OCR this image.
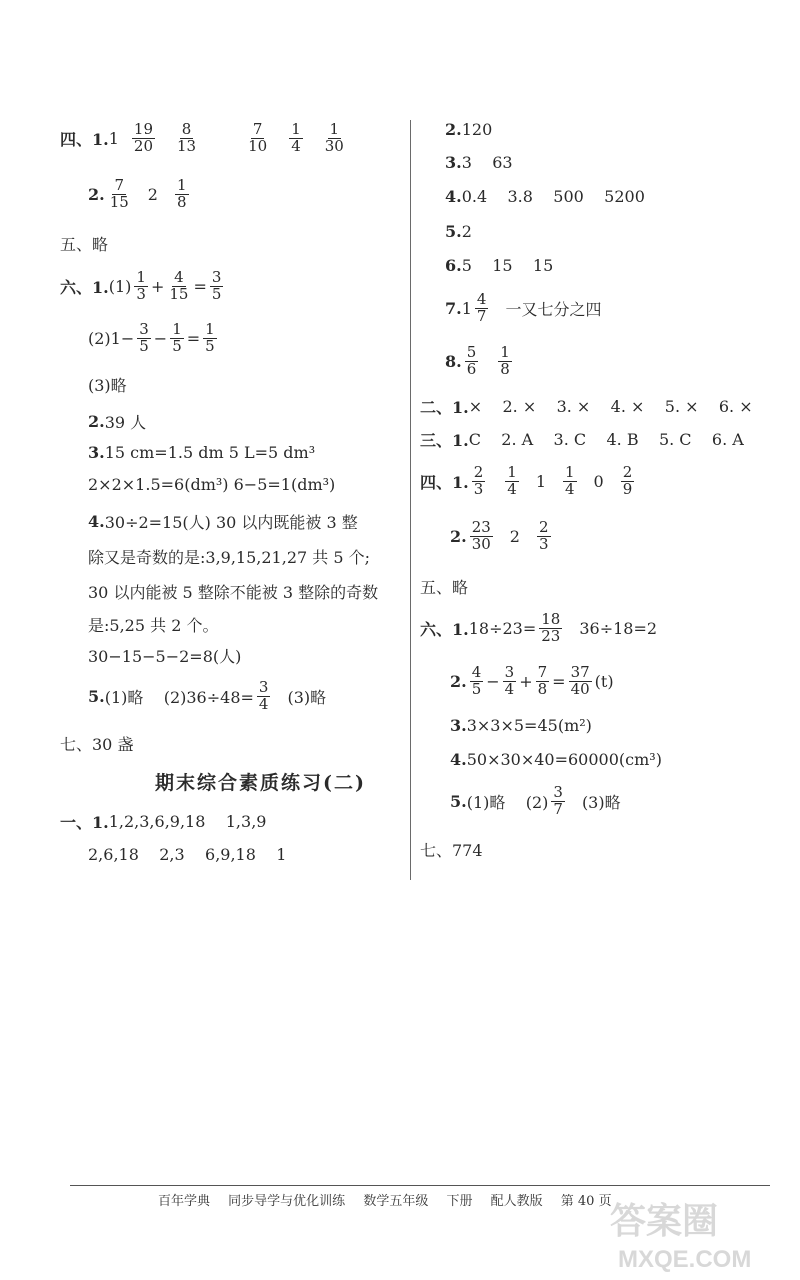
四、1. $1 \frac{19}{20} \frac{8}{13}$	$\frac{7}{10} \frac{1}{4} \frac{1}{30}$
2. $\frac{7}{15} 2 \frac{1}{8}$
五、略
六、1. $(1) \frac{1}{3} + \frac{4}{15} = \frac{3}{5}$
$(2)1- \frac{3}{5} - \frac{1}{5} = \frac{1}{5}$
(3)略
2. 39 人
3. 15 cm=1.5 dm 5 L=5 dm³
2×2×1.5=6(dm³) 6−5=1(dm³)
4. 30÷2=15(人) 30 以内既能被 3 整
除又是奇数的是:3,9,15,21,27 共 5 个;
30 以内能被 5 整除不能被 3 整除的奇数
是:5,25 共 2 个。
30−15−5−2=8(人)
5. (1)略    $(2)36\div 48= \frac{3}{4} (3)$略
七、30 盏
期末综合素质练习(二)
一、1. 1,2,3,6,9,18    1,3,9
2,6,18    2,3    6,9,18    1
2. 120
3. 3    63
4. 0.4    3.8    500    5200
5. 2
6. 5    15    15
7. $1 \frac{4}{7}$ 一又七分之四
8. $\frac{5}{6} \frac{1}{8}$
二、1. ×    2. ×    3. ×    4. ×    5. ×    6. ×
三、1. C    2. A    3. C    4. B    5. C    6. A
四、1. $\frac{2}{3} \frac{1}{4} 1 \frac{1}{4} 0 \frac{2}{9}$
2. $\frac{23}{30} 2 \frac{2}{3}$
五、略
六、1. $18\div 23= \frac{18}{23} 36\div 18=2$
2. $\frac{4}{5} - \frac{3}{4} + \frac{7}{8} = \frac{37}{40} (t)$
3. 3×3×5=45(m²)
4. 50×30×40=60000(cm³)
5. (1)略    $(2) \frac{3}{7} (3)$略
七、774
百年学典 同步导学与优化训练 数学五年级 下册 配人教版 第 40 页
答案圈
MXQE.COM
